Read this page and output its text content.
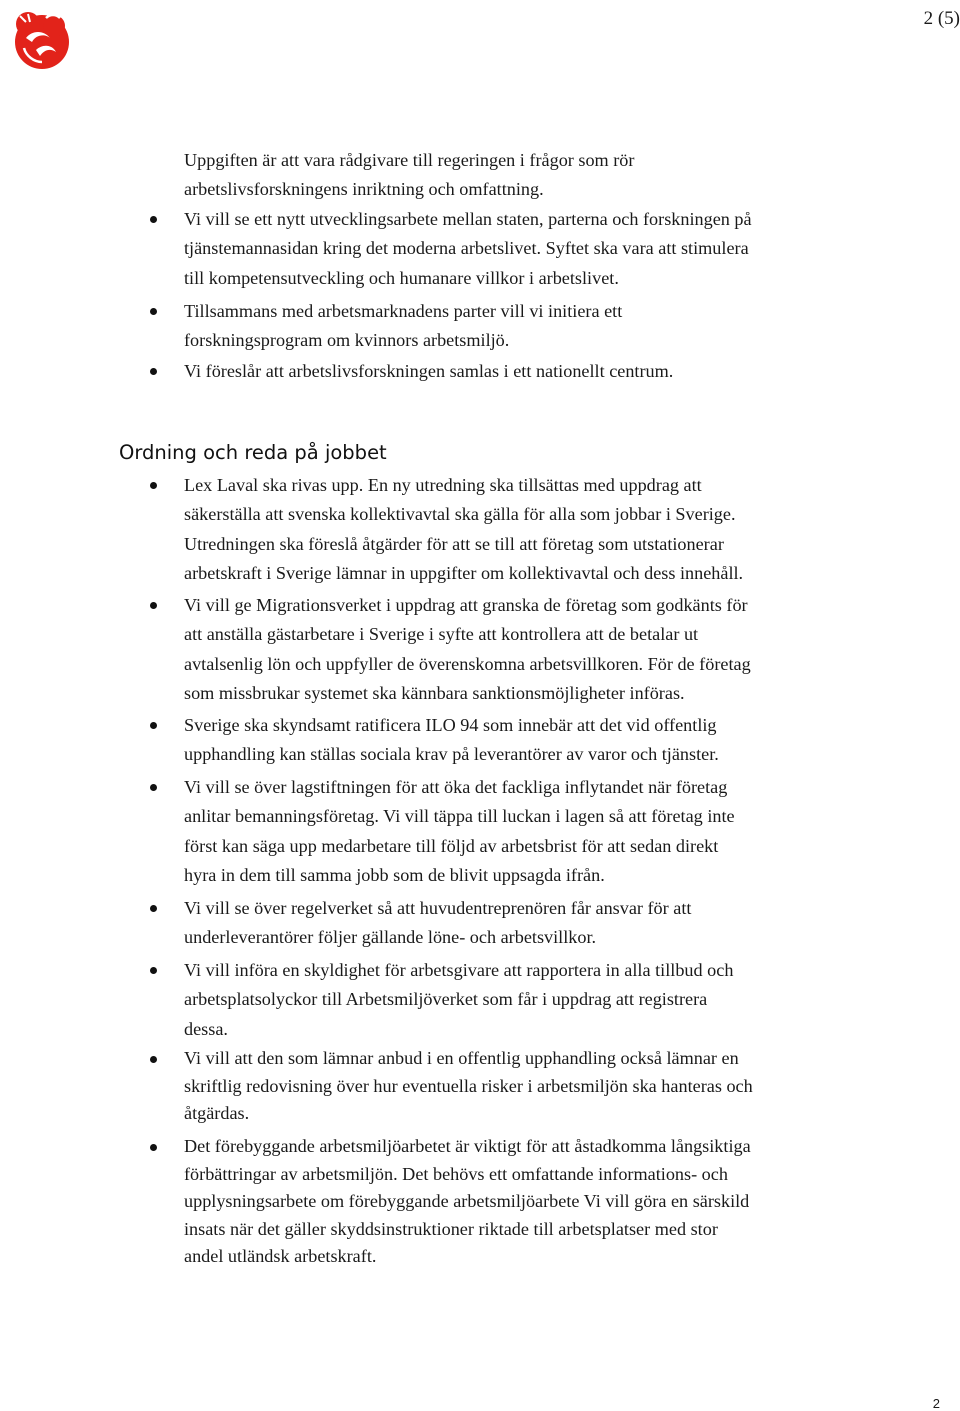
2 (5)
Uppgiften är att vara rådgivare till regeringen i frågor som rör
arbetslivsforskningens inriktning och omfattning.
Vi vill se ett nytt utvecklingsarbete mellan staten, parterna och forskningen på
tjänstemannasidan kring det moderna arbetslivet. Syftet ska vara att stimulera
till kompetensutveckling och humanare villkor i arbetslivet.
Tillsammans med arbetsmarknadens parter vill vi initiera ett
forskningsprogram om kvinnors arbetsmiljö.
Vi föreslår att arbetslivsforskningen samlas i ett nationellt centrum.
Ordning och reda på jobbet
Lex Laval ska rivas upp. En ny utredning ska tillsättas med uppdrag att
säkerställa att svenska kollektivavtal ska gälla för alla som jobbar i Sverige.
Utredningen ska föreslå åtgärder för att se till att företag som utstationerar
arbetskraft i Sverige lämnar in uppgifter om kollektivavtal och dess innehåll.
Vi vill ge Migrationsverket i uppdrag att granska de företag som godkänts för
att anställa gästarbetare i Sverige i syfte att kontrollera att de betalar ut
avtalsenlig lön och uppfyller de överenskomna arbetsvillkoren. För de företag
som missbrukar systemet ska kännbara sanktionsmöjligheter införas.
Sverige ska skyndsamt ratificera ILO 94 som innebär att det vid offentlig
upphandling kan ställas sociala krav på leverantörer av varor och tjänster.
Vi vill se över lagstiftningen för att öka det fackliga inflytandet när företag
anlitar bemanningsföretag. Vi vill täppa till luckan i lagen så att företag inte
först kan säga upp medarbetare till följd av arbetsbrist för att sedan direkt
hyra in dem till samma jobb som de blivit uppsagda ifrån.
Vi vill se över regelverket så att huvudentreprenören får ansvar för att
underleverantörer följer gällande löne- och arbetsvillkor.
Vi vill införa en skyldighet för arbetsgivare att rapportera in alla tillbud och
arbetsplatsolyckor till Arbetsmiljöverket som får i uppdrag att registrera
dessa.
Vi vill att den som lämnar anbud i en offentlig upphandling också lämnar en
skriftlig redovisning över hur eventuella risker i arbetsmiljön ska hanteras och
åtgärdas.
Det förebyggande arbetsmiljöarbetet är viktigt för att åstadkomma långsiktiga
förbättringar av arbetsmiljön. Det behövs ett omfattande informations- och
upplysningsarbete om förebyggande arbetsmiljöarbete Vi vill göra en särskild
insats när det gäller skyddsinstruktioner riktade till arbetsplatser med stor
andel utländsk arbetskraft.
2
